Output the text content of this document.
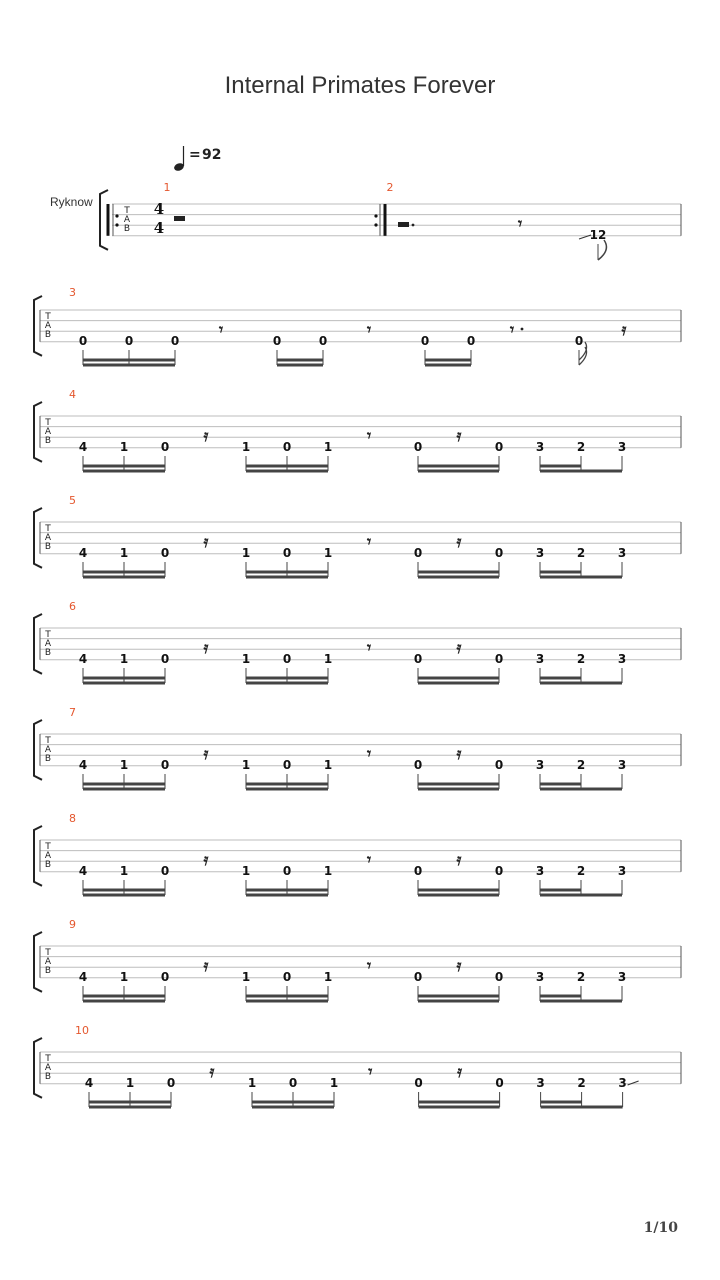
Internal Primates Forever
= 92
Ryknow
T
A
B
4
4
1	2
𝄾
12
T
A
B
3
0	0	0	0	0	0	0	0
𝄾	𝄾	𝄾	𝄿
T
A
B
4
4	1	0	1	0	1	0	0	3	2	3
𝄿	𝄾	𝄿
T
A
B
5
4	1	0	1	0	1	0	0	3	2	3
𝄿	𝄾	𝄿
T
A
B
6
4	1	0	1	0	1	0	0	3	2	3
𝄿	𝄾	𝄿
T
A
B
7
4	1	0	1	0	1	0	0	3	2	3
𝄿	𝄾	𝄿
T
A
B
8
4	1	0	1	0	1	0	0	3	2	3
𝄿	𝄾	𝄿
T
A
B
9
4	1	0	1	0	1	0	0	3	2	3
𝄿	𝄾	𝄿
T
A
B
10
4	1	0	1	0	1	0	0	3	2	3
𝄿	𝄾	𝄿
1/10
